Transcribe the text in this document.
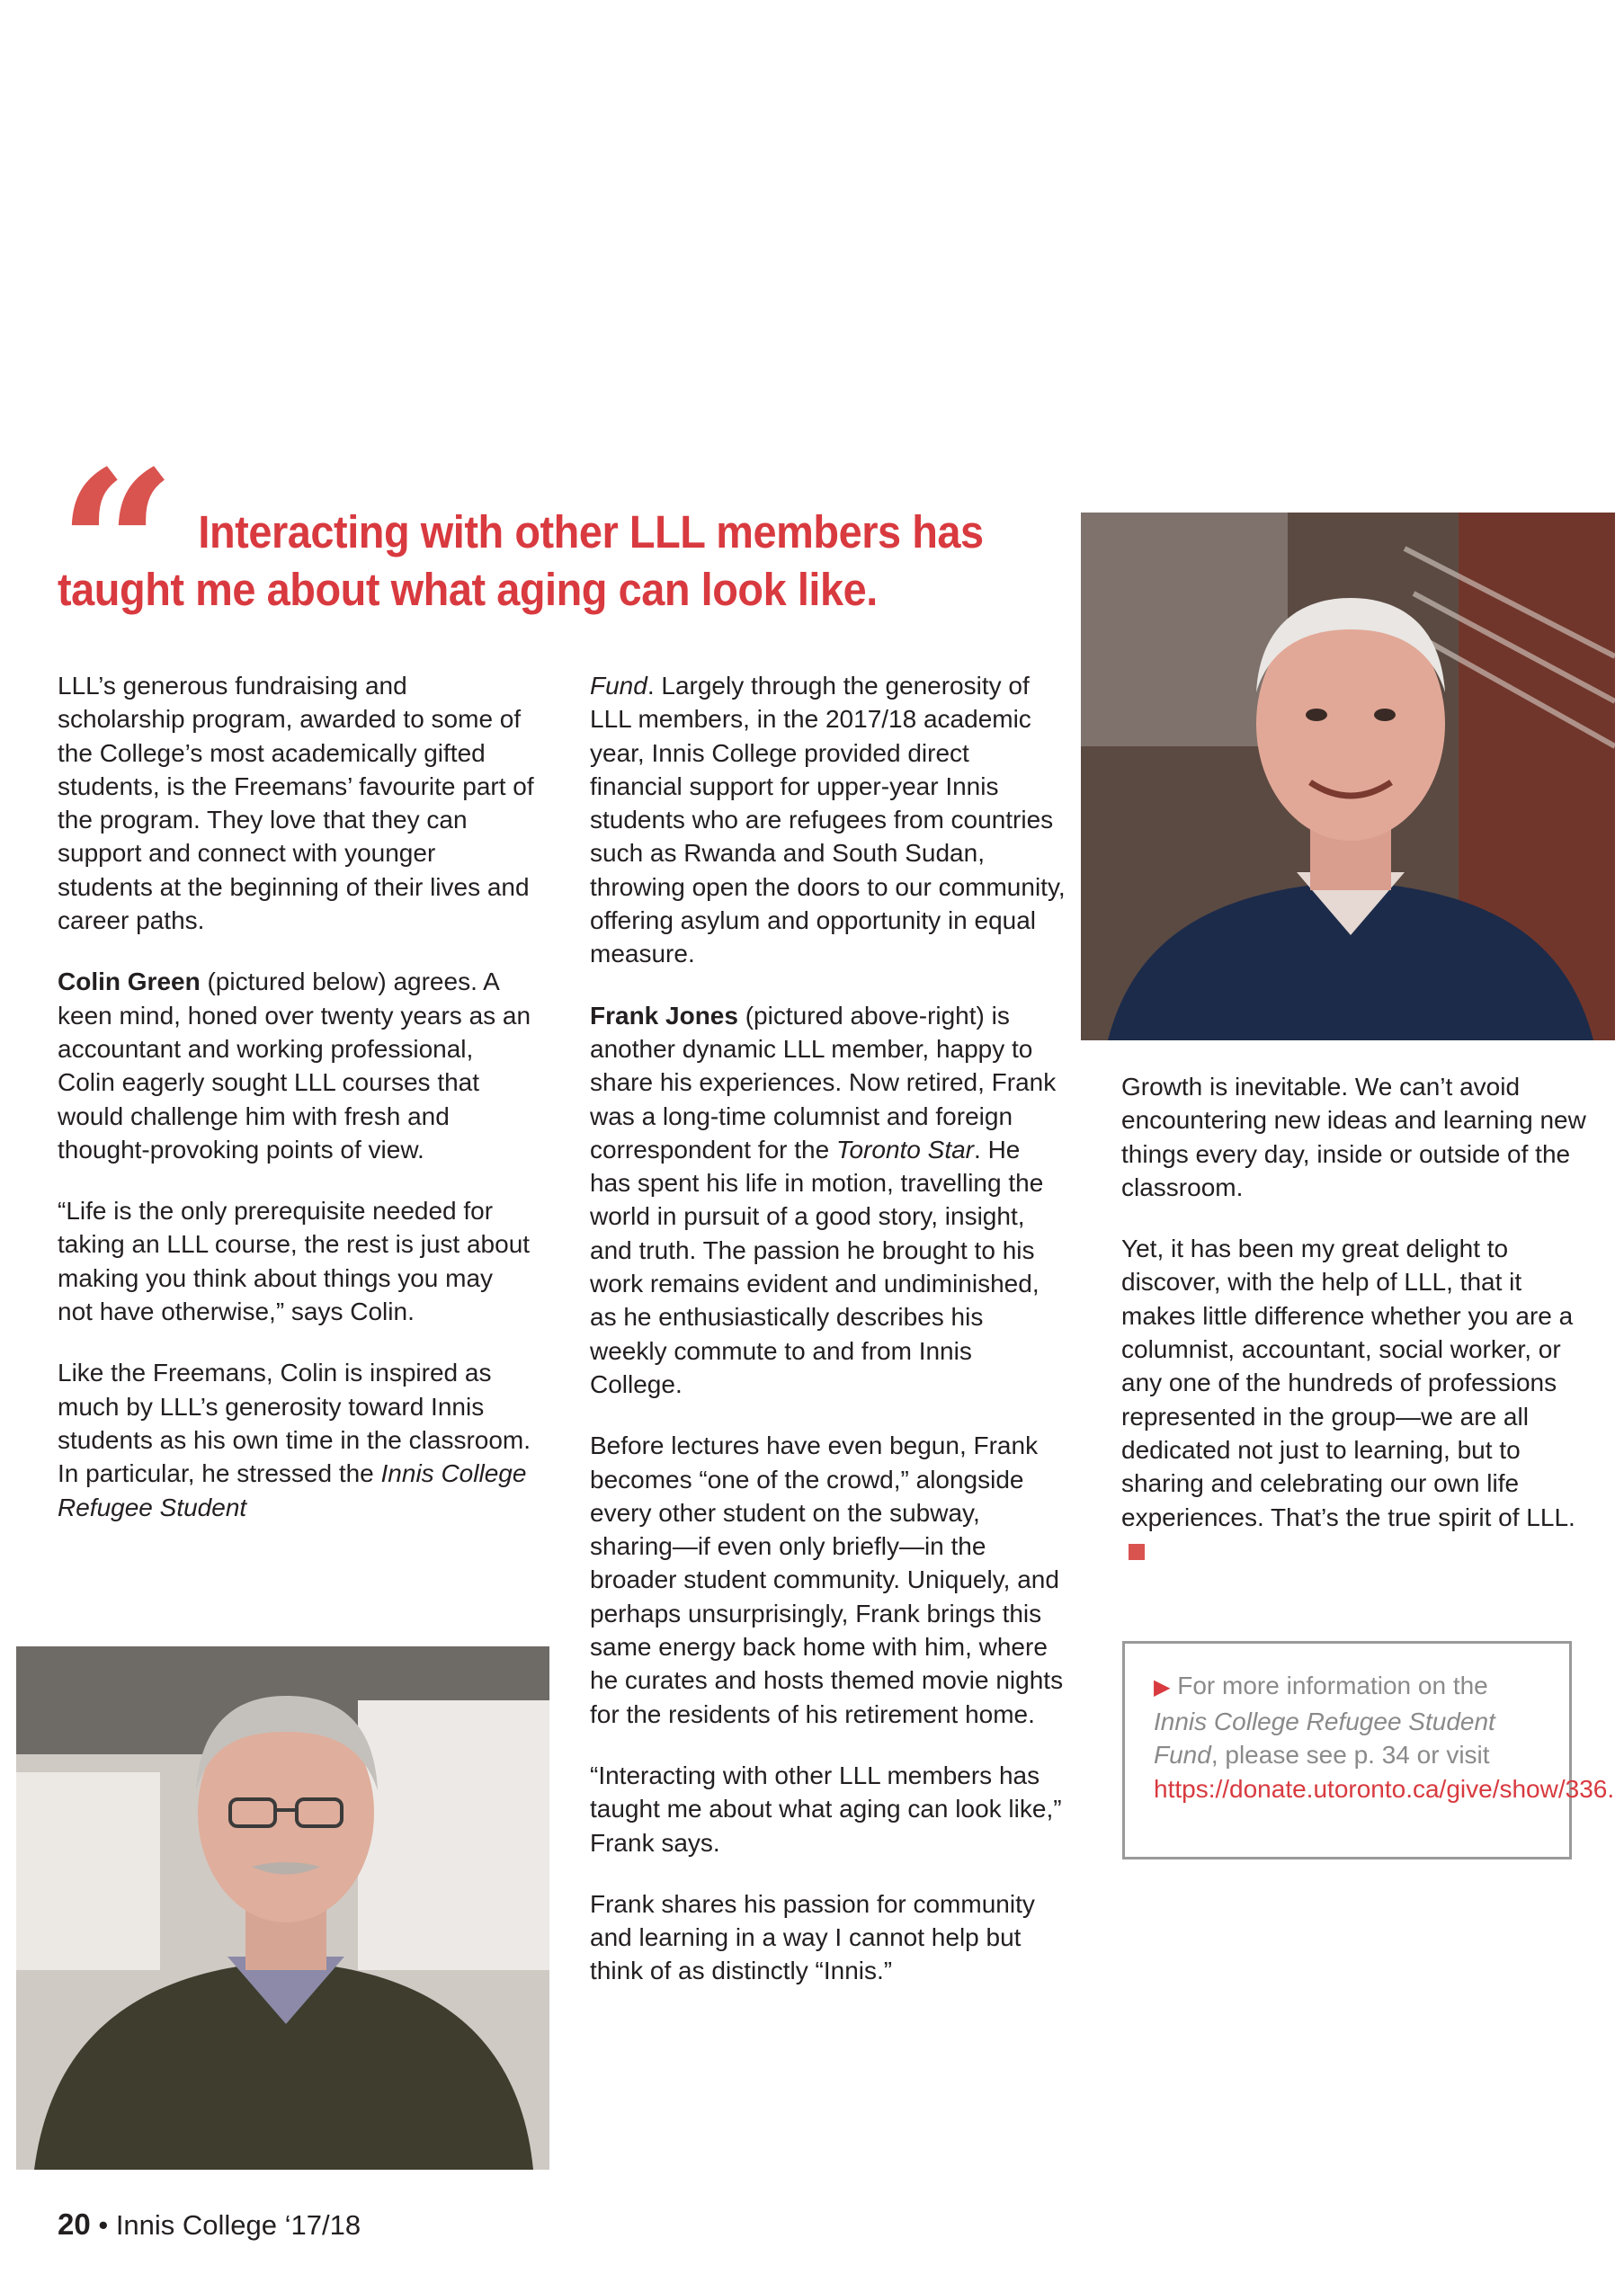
“ Interacting with other LLL members has taught me about what aging can look like.

LLL’s generous fundraising and scholarship program, awarded to some of the College’s most academically gifted students, is the Freemans’ favourite part of the program. They love that they can support and connect with younger students at the beginning of their lives and career paths.

Colin Green (pictured below) agrees. A keen mind, honed over twenty years as an accountant and working professional, Colin eagerly sought LLL courses that would challenge him with fresh and thought-provoking points of view.

“Life is the only prerequisite needed for taking an LLL course, the rest is just about making you think about things you may not have otherwise,” says Colin.

Like the Freemans, Colin is inspired as much by LLL’s generosity toward Innis students as his own time in the classroom. In particular, he stressed the Innis College Refugee Student

Fund. Largely through the generosity of LLL members, in the 2017/18 academic year, Innis College provided direct financial support for upper-year Innis students who are refugees from countries such as Rwanda and South Sudan, throwing open the doors to our community, offering asylum and opportunity in equal measure.

Frank Jones (pictured above-right) is another dynamic LLL member, happy to share his experiences. Now retired, Frank was a long-time columnist and foreign correspondent for the Toronto Star. He has spent his life in motion, travelling the world in pursuit of a good story, insight, and truth. The passion he brought to his work remains evident and undiminished, as he enthusiastically describes his weekly commute to and from Innis College.

Before lectures have even begun, Frank becomes “one of the crowd,” alongside every other student on the subway, sharing—if even only briefly—in the broader student community. Uniquely, and perhaps unsurprisingly, Frank brings this same energy back home with him, where he curates and hosts themed movie nights for the residents of his retirement home.

“Interacting with other LLL members has taught me about what aging can look like,” Frank says.

Frank shares his passion for community and learning in a way I cannot help but think of as distinctly “Innis.”

Growth is inevitable. We can’t avoid encountering new ideas and learning new things every day, inside or outside of the classroom.

Yet, it has been my great delight to discover, with the help of LLL, that it makes little difference whether you are a columnist, accountant, social worker, or any one of the hundreds of professions represented in the group—we are all dedicated not just to learning, but to sharing and celebrating our own life experiences. That’s the true spirit of LLL.

▶ For more information on the Innis College Refugee Student Fund, please see p. 34 or visit https://donate.utoronto.ca/give/show/336.
20 • Innis College ‘17/18
